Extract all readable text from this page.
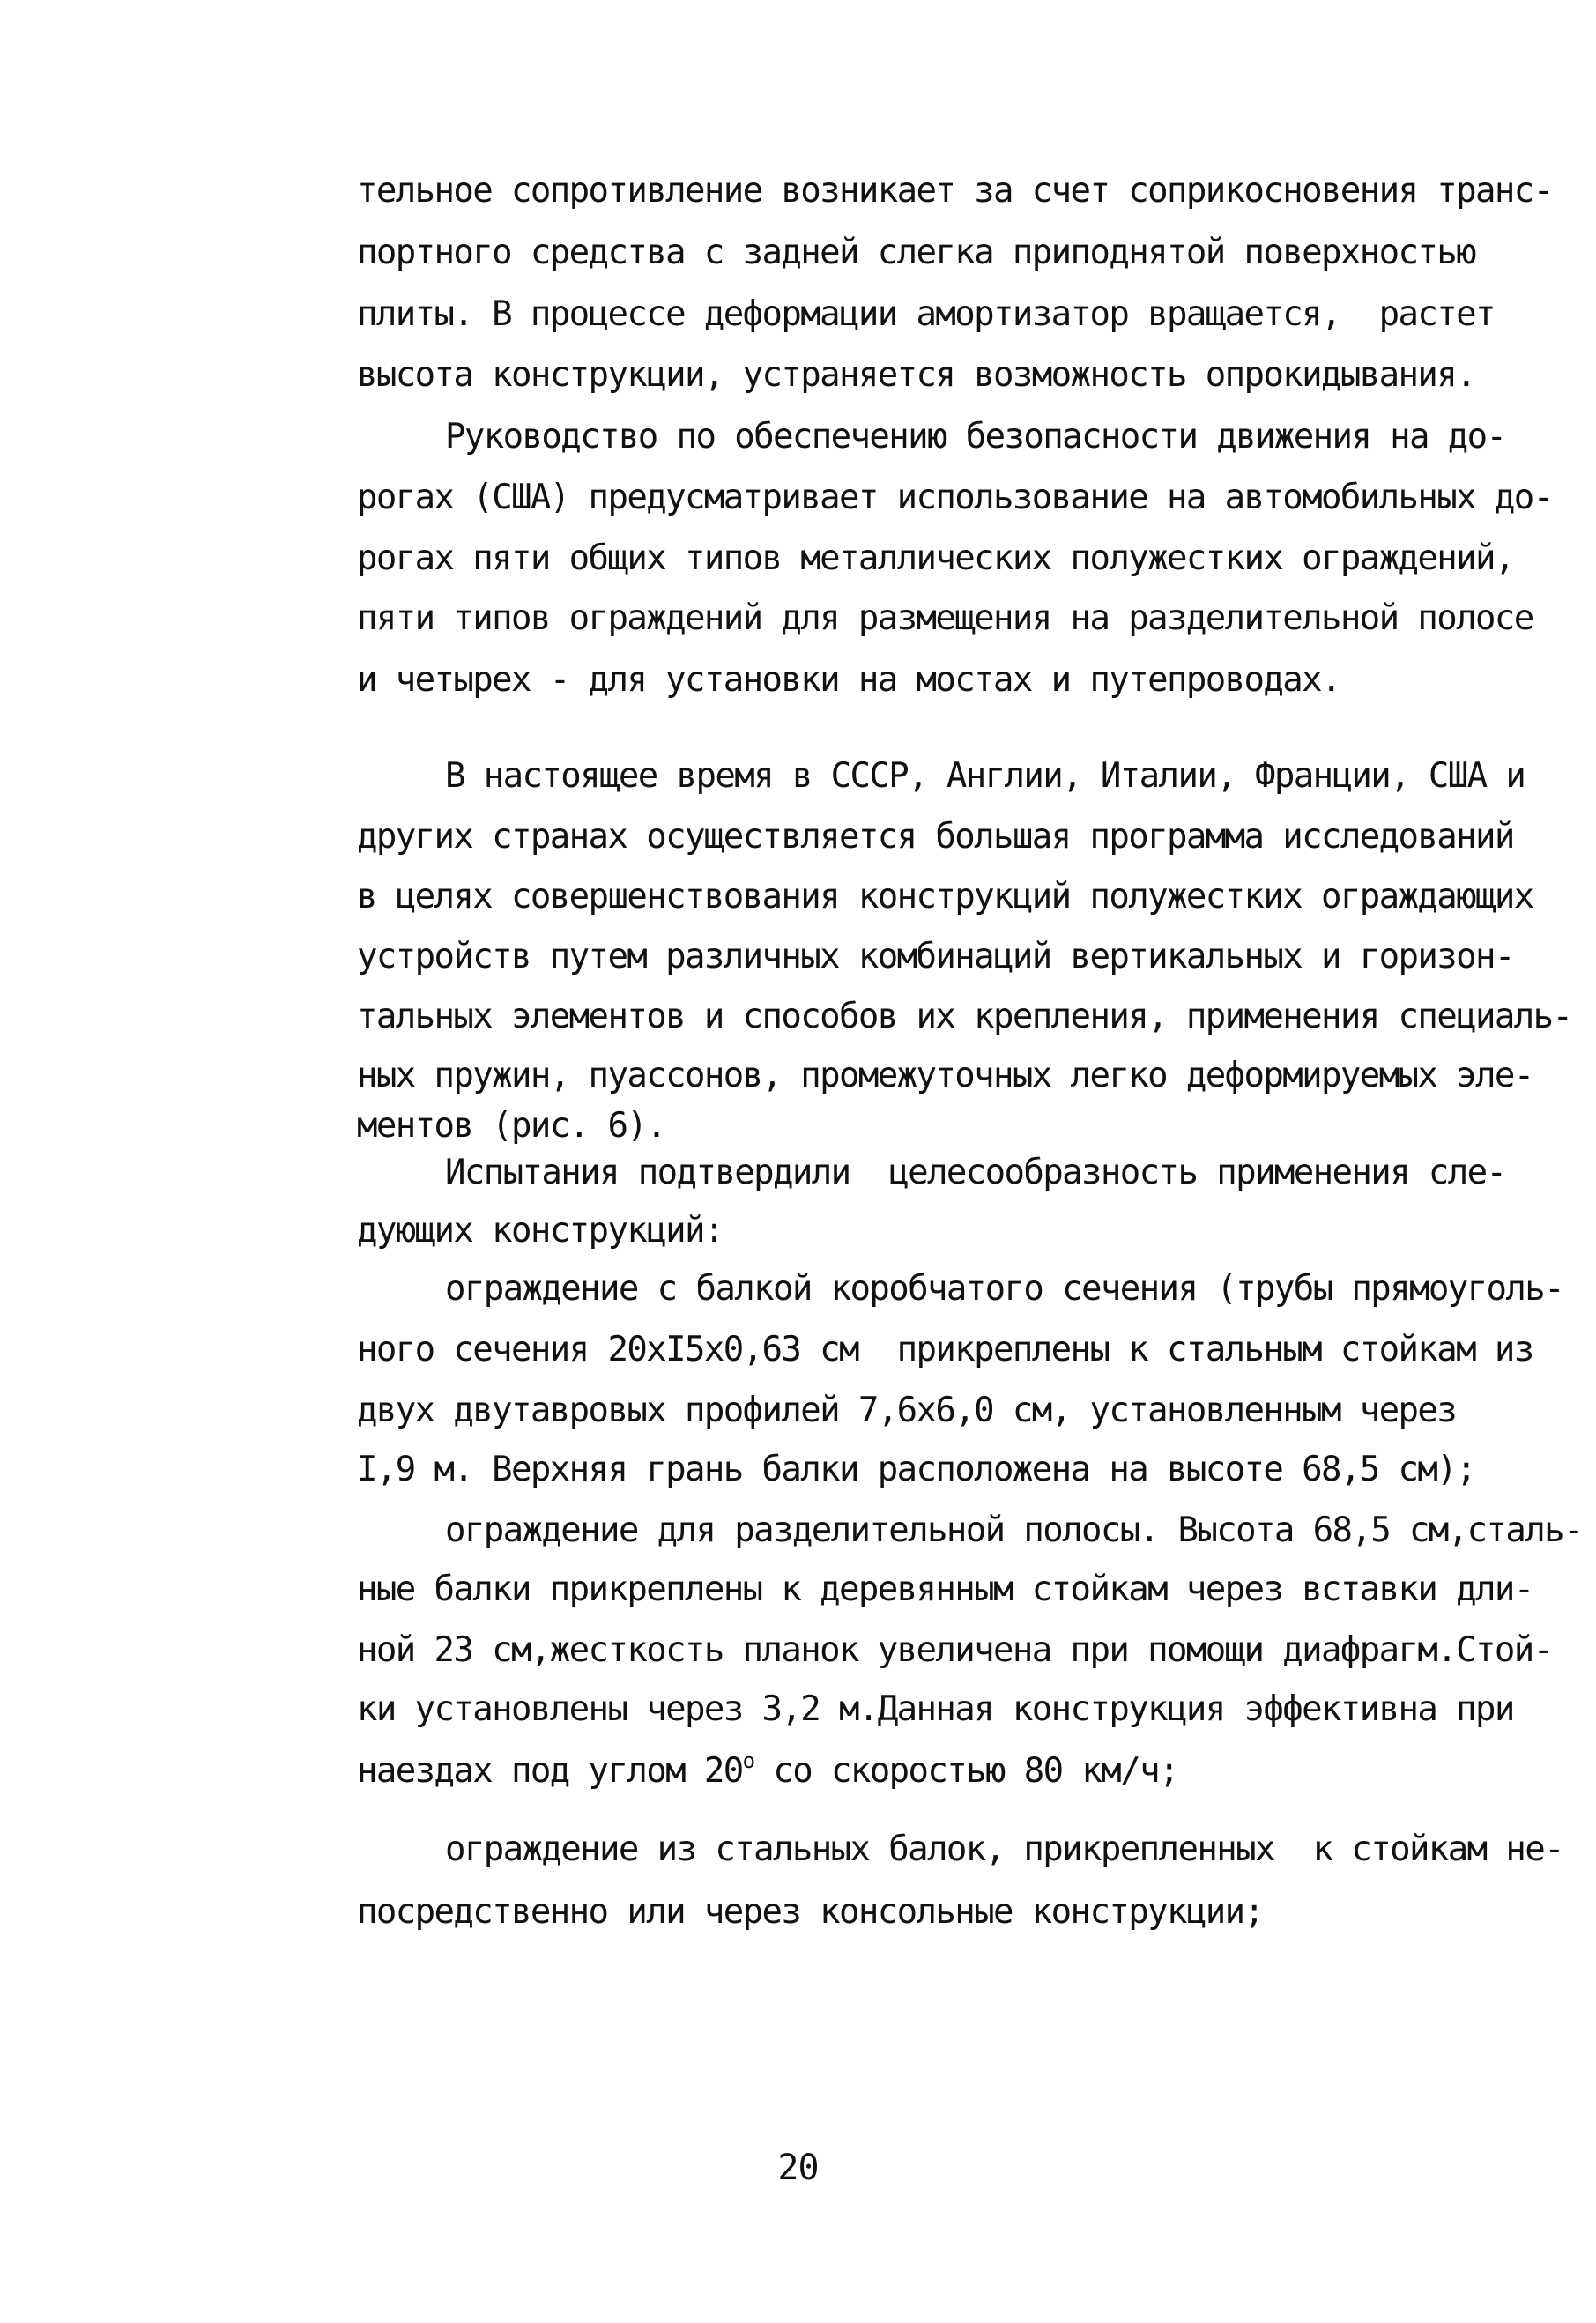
тельное сопротивление возникает за счет соприкосновения транс-
портного средства с задней слегка приподнятой поверхностью
плиты. В процессе деформации амортизатор вращается,  растет
высота конструкции, устраняется возможность опрокидывания.
Руководство по обеспечению безопасности движения на до-
рогах (США) предусматривает использование на автомобильных до-
рогах пяти общих типов металлических полужестких ограждений,
пяти типов ограждений для размещения на разделительной полосе
и четырех - для установки на мостах и путепроводах.
В настоящее время в СССР, Англии, Италии, Франции, США и
других странах осуществляется большая программа исследований
в целях совершенствования конструкций полужестких ограждающих
устройств путем различных комбинаций вертикальных и горизон-
тальных элементов и способов их крепления, применения специаль-
ных пружин, пуассонов, промежуточных легко деформируемых эле-
ментов (рис. 6).
Испытания подтвердили  целесообразность применения сле-
дующих конструкций:
ограждение с балкой коробчатого сечения (трубы прямоуголь-
ного сечения 20хI5х0,63 см  прикреплены к стальным стойкам из
двух двутавровых профилей 7,6х6,0 см, установленным через
I,9 м. Верхняя грань балки расположена на высоте 68,5 см);
ограждение для разделительной полосы. Высота 68,5 см,сталь-
ные балки прикреплены к деревянным стойкам через вставки дли-
ной 23 см,жесткость планок увеличена при помощи диафрагм.Стой-
ки установлены через 3,2 м.Данная конструкция эффективна при
наездах под углом $20^о$ со скоростью 80 км/ч;
ограждение из стальных балок, прикрепленных  к стойкам не-
посредственно или через консольные конструкции;
20
